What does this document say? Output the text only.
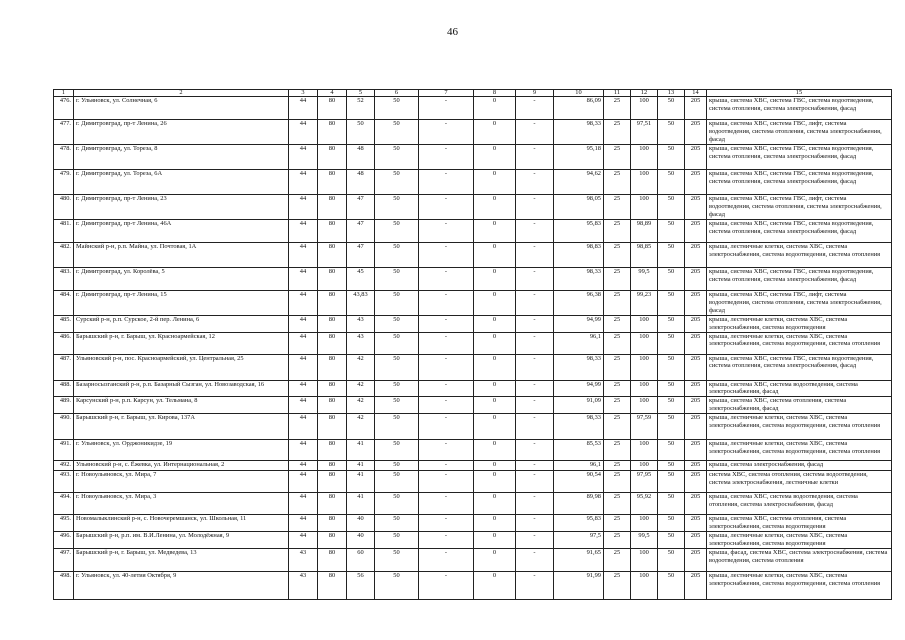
46
1	2	3	4	5	6	7	8	9	10	11	12	13	14	15
476.	г. Ульяновск, ул. Солнечная, 6	44	80	52	50	-	0	-	86,09	25	100	50	205	крыша, система ХВС, система ГВС, система водоотведения, система отопления, система электроснабжения, фасад
477.	г. Димитровград, пр-т Ленина, 26	44	80	50	50	-	0	-	98,33	25	97,51	50	205	крыша, система ХВС, система ГВС, лифт, система водоотведения, система отопления, система электроснабжения, фасад
478.	г. Димитровград, ул. Тореза, 8	44	80	48	50	-	0	-	95,18	25	100	50	205	крыша, система ХВС, система ГВС, система водоотведения, система отопления, система электроснабжения, фасад
479.	г. Димитровград, ул. Тореза, 6А	44	80	48	50	-	0	-	94,62	25	100	50	205	крыша, система ХВС, система ГВС, система водоотведения, система отопления, система электроснабжения, фасад
480.	г. Димитровград, пр-т Ленина, 23	44	80	47	50	-	0	-	98,05	25	100	50	205	крыша, система ХВС, система ГВС, лифт, система водоотведения, система отопления, система электроснабжения, фасад
481.	г. Димитровград, пр-т Ленина, 46А	44	80	47	50	-	0	-	95,83	25	98,89	50	205	крыша, система ХВС, система ГВС, система водоотведения, система отопления, система электроснабжения, фасад
482.	Майнский р-н, р.п. Майна, ул. Почтовая, 1А	44	80	47	50	-	0	-	98,83	25	98,85	50	205	крыша, лестничные клетки, система ХВС, система электроснабжения, система водоотведения, система отопления
483.	г. Димитровград, ул. Королёва, 5	44	80	45	50	-	0	-	98,33	25	99,5	50	205	крыша, система ХВС, система ГВС, система водоотведения, система отопления, система электроснабжения, фасад
484.	г. Димитровград, пр-т Ленина, 15	44	80	43,83	50	-	0	-	96,38	25	99,23	50	205	крыша, система ХВС, система ГВС, лифт, система водоотведения, система отопления, система электроснабжения, фасад
485.	Сурский р-н, р.п. Сурское, 2-й пер. Ленина, 6	44	80	43	50	-	0	-	94,99	25	100	50	205	крыша, лестничные клетки, система ХВС, система электроснабжения, система водоотведения
486.	Барышский р-н, г. Барыш, ул. Красноармейская, 12	44	80	43	50	-	0	-	96,1	25	100	50	205	крыша, лестничные клетки, система ХВС, система электроснабжения, система водоотведения, система отопления
487.	Ульяновский р-н, пос. Красноармейский, ул. Центральная, 25	44	80	42	50	-	0	-	98,33	25	100	50	205	крыша, система ХВС, система ГВС, система водоотведения, система отопления, система электроснабжения, фасад
488.	Базарносызганский р-н, р.п. Базарный Сызган, ул. Новозаводская, 16	44	80	42	50	-	0	-	94,99	25	100	50	205	крыша, система ХВС, система водоотведения, система электроснабжения, фасад
489.	Карсунский р-н, р.п. Карсун, ул. Тельмана, 8	44	80	42	50	-	0	-	91,09	25	100	50	205	крыша, система ХВС, система отопления, система электроснабжения, фасад
490.	Барышский р-н, г. Барыш, ул. Кирова, 137А	44	80	42	50	-	0	-	98,33	25	97,59	50	205	крыша, лестничные клетки, система ХВС, система электроснабжения, система водоотведения, система отопления
491.	г. Ульяновск, ул. Орджоникидзе, 19	44	80	41	50	-	0	-	85,53	25	100	50	205	крыша, лестничные клетки, система ХВС, система электроснабжения, система водоотведения, система отопления
492.	Ульяновский р-н, с. Ёжевка, ул. Интернациональная, 2	44	80	41	50	-	0	-	96,1	25	100	50	205	крыша, система электроснабжения, фасад
493.	г. Новоульяновск, ул. Мира, 7	44	80	41	50	-	0	-	90,54	25	97,95	50	205	система ХВС, система отопления, система водоотведения, система электроснабжения, лестничные клетки
494.	г. Новоульяновск, ул. Мира, 3	44	80	41	50	-	0	-	89,98	25	95,92	50	205	крыша, система ХВС, система водоотведения, система отопления, система электроснабжения, фасад
495.	Новомалыклинский р-н, с. Новочеремшанск, ул. Школьная, 11	44	80	40	50	-	0	-	95,83	25	100	50	205	крыша, система ХВС, система отопления, система электроснабжения, система водоотведения
496.	Барышский р-н, р.п. им. В.И.Ленина, ул. Молодёжная, 9	44	80	40	50	-	0	-	97,5	25	99,5	50	205	крыша, лестничные клетки, система ХВС, система электроснабжения, система водоотведения
497.	Барышский р-н, г. Барыш, ул. Медведева, 13	43	80	60	50	-	0	-	91,65	25	100	50	205	крыша, фасад, система ХВС, система электроснабжения, система водоотведения, система отопления
498.	г. Ульяновск, ул. 40-летия Октября, 9	43	80	56	50	-	0	-	91,99	25	100	50	205	крыша, лестничные клетки, система ХВС, система электроснабжения, система водоотведения, система отопления
